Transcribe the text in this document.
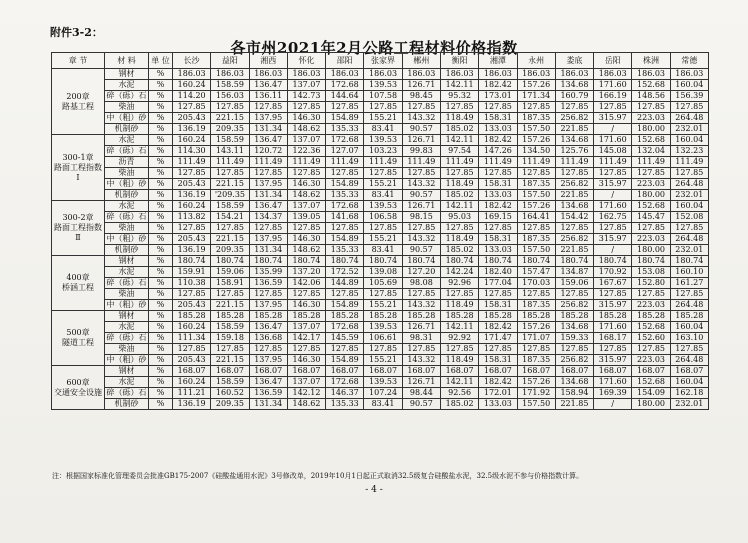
附件3-2：
各市州2021年2月公路工程材料价格指数
章 节	材 料	单 位	长沙	益阳	湘西	怀化	邵阳	张家界	郴州	衡阳	湘潭	永州	娄底	岳阳	株洲	常德
200章
路基工程	钢材	%	186.03	186.03	186.03	186.03	186.03	186.03	186.03	186.03	186.03	186.03	186.03	186.03	186.03	186.03
	水泥	%	160.24	158.59	136.47	137.07	172.68	139.53	126.71	142.11	182.42	157.26	134.68	171.60	152.68	160.04
	碎（砾）石	%	114.20	156.03	136.11	142.73	144.64	107.58	98.45	95.32	173.01	171.34	160.79	166.19	148.56	156.39
	柴油	%	127.85	127.85	127.85	127.85	127.85	127.85	127.85	127.85	127.85	127.85	127.85	127.85	127.85	127.85
	中（粗）砂	%	205.43	221.15	137.95	146.30	154.89	155.21	143.32	118.49	158.31	187.35	256.82	315.97	223.03	264.48
	机制砂	%	136.19	209.35	131.34	148.62	135.33	83.41	90.57	185.02	133.03	157.50	221.85	/	180.00	232.01
300-1章
路面工程指数
Ⅰ	水泥	%	160.24	158.59	136.47	137.07	172.68	139.53	126.71	142.11	182.42	157.26	134.68	171.60	152.68	160.04
	碎（砾）石	%	114.30	143.11	120.72	122.36	127.07	103.23	99.83	97.54	147.26	134.50	125.76	145.08	132.04	132.23
	沥青	%	111.49	111.49	111.49	111.49	111.49	111.49	111.49	111.49	111.49	111.49	111.49	111.49	111.49	111.49
	柴油	%	127.85	127.85	127.85	127.85	127.85	127.85	127.85	127.85	127.85	127.85	127.85	127.85	127.85	127.85
	中（粗）砂	%	205.43	221.15	137.95	146.30	154.89	155.21	143.32	118.49	158.31	187.35	256.82	315.97	223.03	264.48
	机制砂	%	136.19	'209.35	131.34	148.62	135.33	83.41	90.57	185.02	133.03	157.50	221.85	/	180.00	232.01
300-2章
路面工程指数
Ⅱ	水泥	%	160.24	158.59	136.47	137.07	172.68	139.53	126.71	142.11	182.42	157.26	134.68	171.60	152.68	160.04
	碎（砾）石	%	113.82	154.21	134.37	139.05	141.68	106.58	98.15	95.03	169.15	164.41	154.42	162.75	145.47	152.08
	柴油	%	127.85	127.85	127.85	127.85	127.85	127.85	127.85	127.85	127.85	127.85	127.85	127.85	127.85	127.85
	中（粗）砂	%	205.43	221.15	137.95	146.30	154.89	155.21	143.32	118.49	158.31	187.35	256.82	315.97	223.03	264.48
	机制砂	%	136.19	209.35	131.34	148.62	135.33	83.41	90.57	185.02	133.03	157.50	221.85	/	180.00	232.01
400章
桥涵工程	钢材	%	180.74	180.74	180.74	180.74	180.74	180.74	180.74	180.74	180.74	180.74	180.74	180.74	180.74	180.74
	水泥	%	159.91	159.06	135.99	137.20	172.52	139.08	127.20	142.24	182.40	157.47	134.87	170.92	153.08	160.10
	碎（砾）石	%	110.38	158.91	136.59	142.06	144.89	105.69	98.08	92.96	177.04	170.03	159.06	167.67	152.80	161.27
	柴油	%	127.85	127.85	127.85	127.85	127.85	127.85	127.85	127.85	127.85	127.85	127.85	127.85	127.85	127.85
	中（粗）砂	%	205.43	221.15	137.95	146.30	154.89	155.21	143.32	118.49	158.31	187.35	256.82	315.97	223.03	264.48
500章
隧道工程	钢材	%	185.28	185.28	185.28	185.28	185.28	185.28	185.28	185.28	185.28	185.28	185.28	185.28	185.28	185.28
	水泥	%	160.24	158.59	136.47	137.07	172.68	139.53	126.71	142.11	182.42	157.26	134.68	171.60	152.68	160.04
	碎（砾）石	%	111.34	159.18	136.68	142.17	145.59	106.61	98.31	92.92	171.47	171.07	159.33	168.17	152.60	163.10
	柴油	%	127.85	127.85	127.85	127.85	127.85	127.85	127.85	127.85	127.85	127.85	127.85	127.85	127.85	127.85
	中（粗）砂	%	205.43	221.15	137.95	146.30	154.89	155.21	143.32	118.49	158.31	187.35	256.82	315.97	223.03	264.48
600章
交通安全设施	钢材	%	168.07	168.07	168.07	168.07	168.07	168.07	168.07	168.07	168.07	168.07	168.07	168.07	168.07	168.07
	水泥	%	160.24	158.59	136.47	137.07	172.68	139.53	126.71	142.11	182.42	157.26	134.68	171.60	152.68	160.04
	碎（砾）石	%	111.21	160.52	136.59	142.12	146.37	107.24	98.44	92.56	172.01	171.92	158.94	169.39	154.09	162.18
	机制砂	%	136.19	209.35	131.34	148.62	135.33	83.41	90.57	185.02	133.03	157.50	221.85	/	180.00	232.01
注：根据国家标准化管理委员会批准GB175-2007《硅酸盐通用水泥》3号修改单，2019年10月1日起正式取消32.5级复合硅酸盐水泥，32.5级水泥不参与价格指数计算。
- 4 -
